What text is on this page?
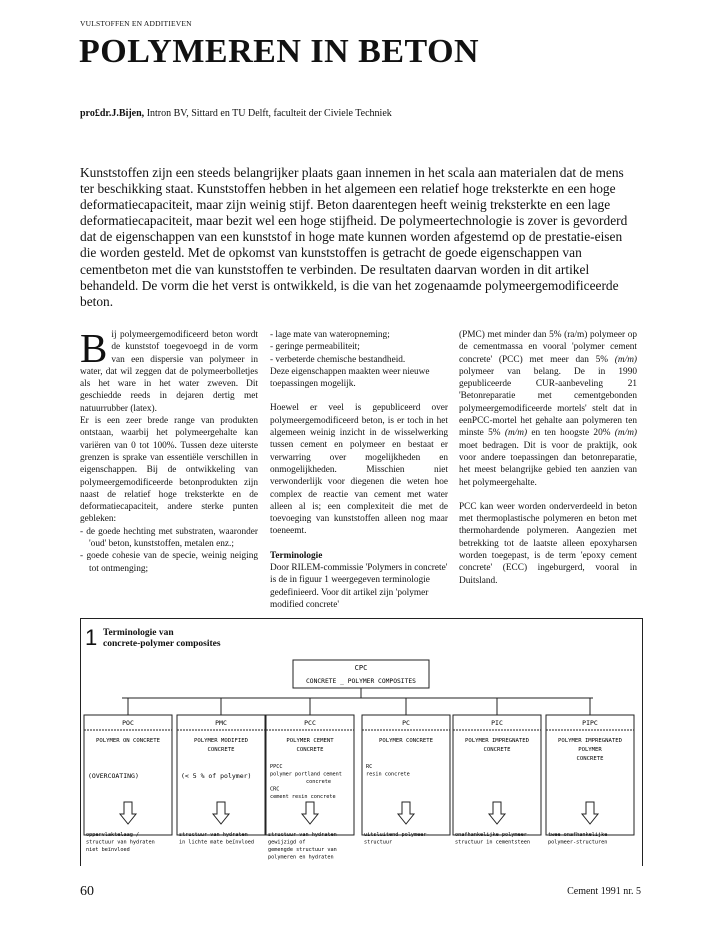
VULSTOFFEN EN ADDITIEVEN
POLYMEREN IN BETON
pro£dr.J.Bijen, Intron BV, Sittard en TU Delft, faculteit der Civiele Techniek
Kunststoffen zijn een steeds belangrijker plaats gaan innemen in het scala aan materialen dat de mens ter beschikking staat. Kunststoffen hebben in het algemeen een relatief hoge treksterkte en een hoge deformatiecapaciteit, maar zijn weinig stijf. Beton daarentegen heeft weinig treksterkte en een lage deformatiecapaciteit, maar bezit wel een hoge stijfheid. De polymeertechnologie is zover is gevorderd dat de eigenschappen van een kunststof in hoge mate kunnen worden afgestemd op de prestatie-eisen die worden gesteld. Met de opkomst van kunststoffen is getracht de goede eigenschappen van cementbeton met die van kunststoffen te verbinden. De resultaten daarvan worden in dit artikel behandeld. De vorm die het verst is ontwikkeld, is die van het zogenaamde polymeergemodificeerde beton.

Bij polymeergemodificeerd beton wordt de kunststof toegevoegd in de vorm van een dispersie van polymeer in water, dat wil zeggen dat de polymeerbolletjes als het ware in het water zweven. Dit geschiedde reeds in dejaren dertig met natuurrubber (latex).

Er is een zeer brede range van produkten ontstaan, waarbij het polymeergehalte kan variëren van 0 tot 100%. Tussen deze uiterste grenzen is sprake van essentiële verschillen in eigenschappen. Bij de ontwikkeling van polymeergemodificeerde betonprodukten zijn naast de relatief hoge treksterkte en de deformatiecapaciteit, andere sterke punten gebleken:

- de goede hechting met substraten, waaronder 'oud' beton, kunststoffen, metalen enz.;

- goede cohesie van de specie, weinig neiging tot ontmenging;

- lage mate van wateropneming;

- geringe permeabiliteit;

- verbeterde chemische bestandheid.

Deze eigenschappen maakten weer nieuwe toepassingen mogelijk.

Hoewel er veel is gepubliceerd over polymeergemodificeerd beton, is er toch in het algemeen weinig inzicht in de wisselwerking tussen cement en polymeer en bestaat er verwarring over mogelijkheden en onmogelijkheden. Misschien niet verwonderlijk voor diegenen die weten hoe complex de reactie van cement met water alleen al is; een complexiteit die met de toevoeging van kunststoffen alleen nog maar toeneemt.

Terminologie

Door RILEM-commissie 'Polymers in concrete' is de in figuur 1 weergegeven terminologie gedefinieerd. Voor dit artikel zijn 'polymer modified concrete'

(PMC) met minder dan 5% (ra/m) polymeer op de cementmassa en vooral 'polymer cement concrete' (PCC) met meer dan 5% (m/m) polymeer van belang. De in 1990 gepubliceerde CUR-aanbeveling 21 'Betonreparatie met cementgebonden polymeergemodificeerde mortels' stelt dat in eenPCC-mortel het gehalte aan polymeren ten minste 5% (m/m) en ten hoogste 20% (m/m) moet bedragen. Dit is voor de praktijk, ook voor andere toepassingen dan betonreparatie, het meest belangrijke gebied ten aanzien van het polymeergehalte.

PCC kan weer worden onderverdeeld in beton met thermoplastische polymeren en beton met thermohardende polymeren. Aangezien met betrekking tot de laatste alleen epoxyharsen worden toegepast, is de term 'epoxy cement concrete' (ECC) ingeburgerd, vooral in Duitsland.

1 Terminologie van
concrete-polymer composites
CPC
CONCRETE _ POLYMER COMPOSITES
POC
POLYMER ON CONCRETE
(OVERCOATING)
oppervlaktelaag /
structuur van hydraten
niet beïnvloed
PMC
POLYMER MODIFIED
CONCRETE
(< 5 % of polymer)
structuur van hydraten
in lichte mate beïnvloed
PCC
POLYMER CEMENT
CONCRETE
PPCC
polymer portland cement
concrete
CRC
cement resin concrete
structuur van hydraten
gewijzigd of
gemengde structuur van
polymeren en hydraten
PC
POLYMER CONCRETE
RC
resin concrete
uitsluitend polymeer-
structuur
PIC
POLYMER IMPREGNATED
CONCRETE
onafhankelijke polymeer-
structuur in cementsteen
PIPC
POLYMER IMPREGNATED
POLYMER
CONCRETE
twee onafhankelijke
polymeer-structuren
60	Cement 1991 nr. 5
